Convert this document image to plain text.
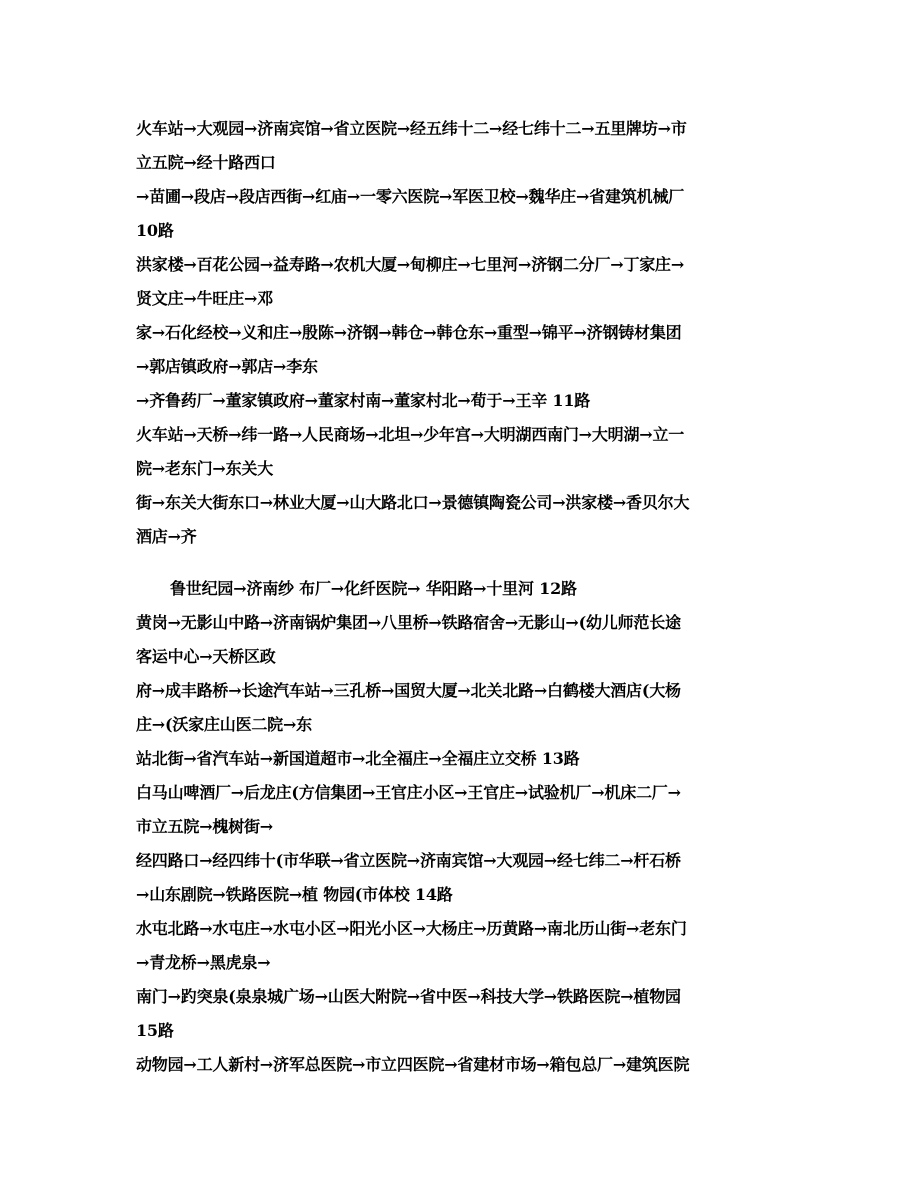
火车站→大观园→济南宾馆→省立医院→经五纬十二→经七纬十二→五里牌坊→市
立五院→经十路西口
→苗圃→段店→段店西街→红庙→一零六医院→军医卫校→魏华庄→省建筑机械厂
10路
洪家楼→百花公园→益寿路→农机大厦→甸柳庄→七里河→济钢二分厂→丁家庄→
贤文庄→牛旺庄→邓
家→石化经校→义和庄→殷陈→济钢→韩仓→韩仓东→重型→锦平→济钢铸材集团
→郭店镇政府→郭店→李东
→齐鲁药厂→董家镇政府→董家村南→董家村北→荀于→王辛 11路
火车站→天桥→纬一路→人民商场→北坦→少年宫→大明湖西南门→大明湖→立一
院→老东门→东关大
街→东关大街东口→林业大厦→山大路北口→景德镇陶瓷公司→洪家楼→香贝尔大
酒店→齐
鲁世纪园→济南纱 布厂→化纤医院→ 华阳路→十里河 12路
黄岗→无影山中路→济南锅炉集团→八里桥→铁路宿舍→无影山→(幼儿师范长途
客运中心→天桥区政
府→成丰路桥→长途汽车站→三孔桥→国贸大厦→北关北路→白鹤楼大酒店(大杨
庄→(沃家庄山医二院→东
站北街→省汽车站→新国道超市→北全福庄→全福庄立交桥 13路
白马山啤酒厂→后龙庄(方信集团→王官庄小区→王官庄→试验机厂→机床二厂→
市立五院→槐树街→
经四路口→经四纬十(市华联→省立医院→济南宾馆→大观园→经七纬二→杆石桥
→山东剧院→铁路医院→植 物园(市体校 14路
水屯北路→水屯庄→水屯小区→阳光小区→大杨庄→历黄路→南北历山街→老东门
→青龙桥→黑虎泉→
南门→趵突泉(泉泉城广场→山医大附院→省中医→科技大学→铁路医院→植物园
15路
动物园→工人新村→济军总医院→市立四医院→省建材市场→箱包总厂→建筑医院
